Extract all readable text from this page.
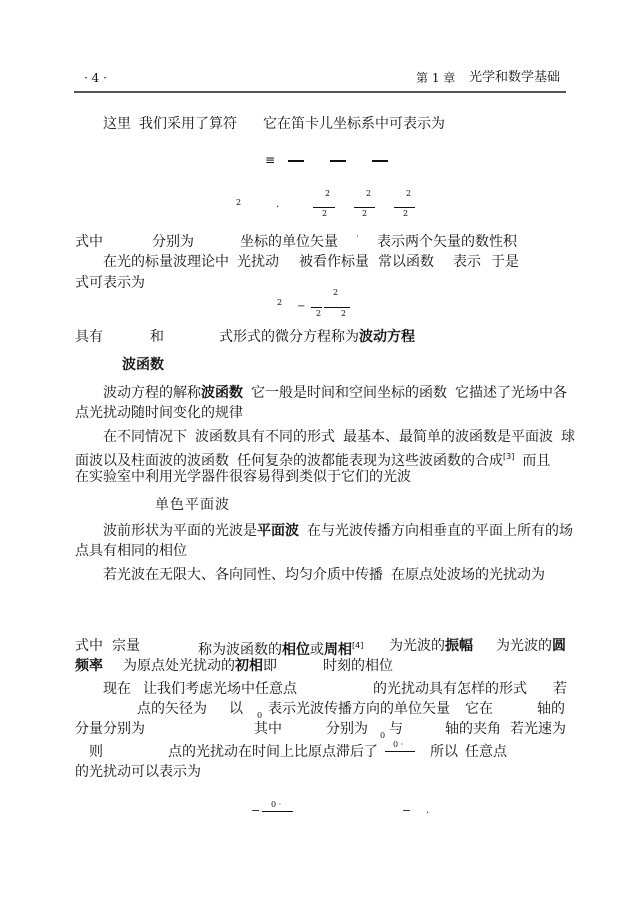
· 4 ·	第 1 章 光学和数学基础
这里 我们采用了算符 它在笛卡儿坐标系中可表示为
≡
2	.
2	2	2
2	2	2
式中	分别为	坐标的单位矢量 · 表示两个矢量的数性积
在光的标量波理论中 光扰动 被看作标量 常以函数 表示 于是
式可表示为
2 −
2
2 2
具有	和	式形式的微分方程称为波动方程
波函数
波动方程的解称波函数 它一般是时间和空间坐标的函数 它描述了光场中各
点光扰动随时间变化的规律
在不同情况下 波函数具有不同的形式 最基本、最简单的波函数是平面波 球
面波以及柱面波的波函数 任何复杂的波都能表现为这些波函数的合成[3] 而且
在实验室中利用光学器件很容易得到类似于它们的光波
单色平面波
波前形状为平面的光波是平面波 在与光波传播方向相垂直的平面上所有的场
点具有相同的相位
若光波在无限大、各向同性、均匀介质中传播 在原点处波场的光扰动为
式中 宗量	称为波函数的相位或周相[4] 为光波的振幅 为光波的圆
频率 为原点处光扰动的初相 即	时刻的相位
现在 让我们考虑光场中任意点	的光扰动具有怎样的形式 若
点的矢径为 以 0 表示光波传播方向的单位矢量 它在	轴的
分量分别为	其中	分别为 0 与	轴的夹角 若光速为
则	点的光扰动在时间上比原点滞后了 0 · 所以 任意点
的光扰动可以表示为
− 0 ·	− .
